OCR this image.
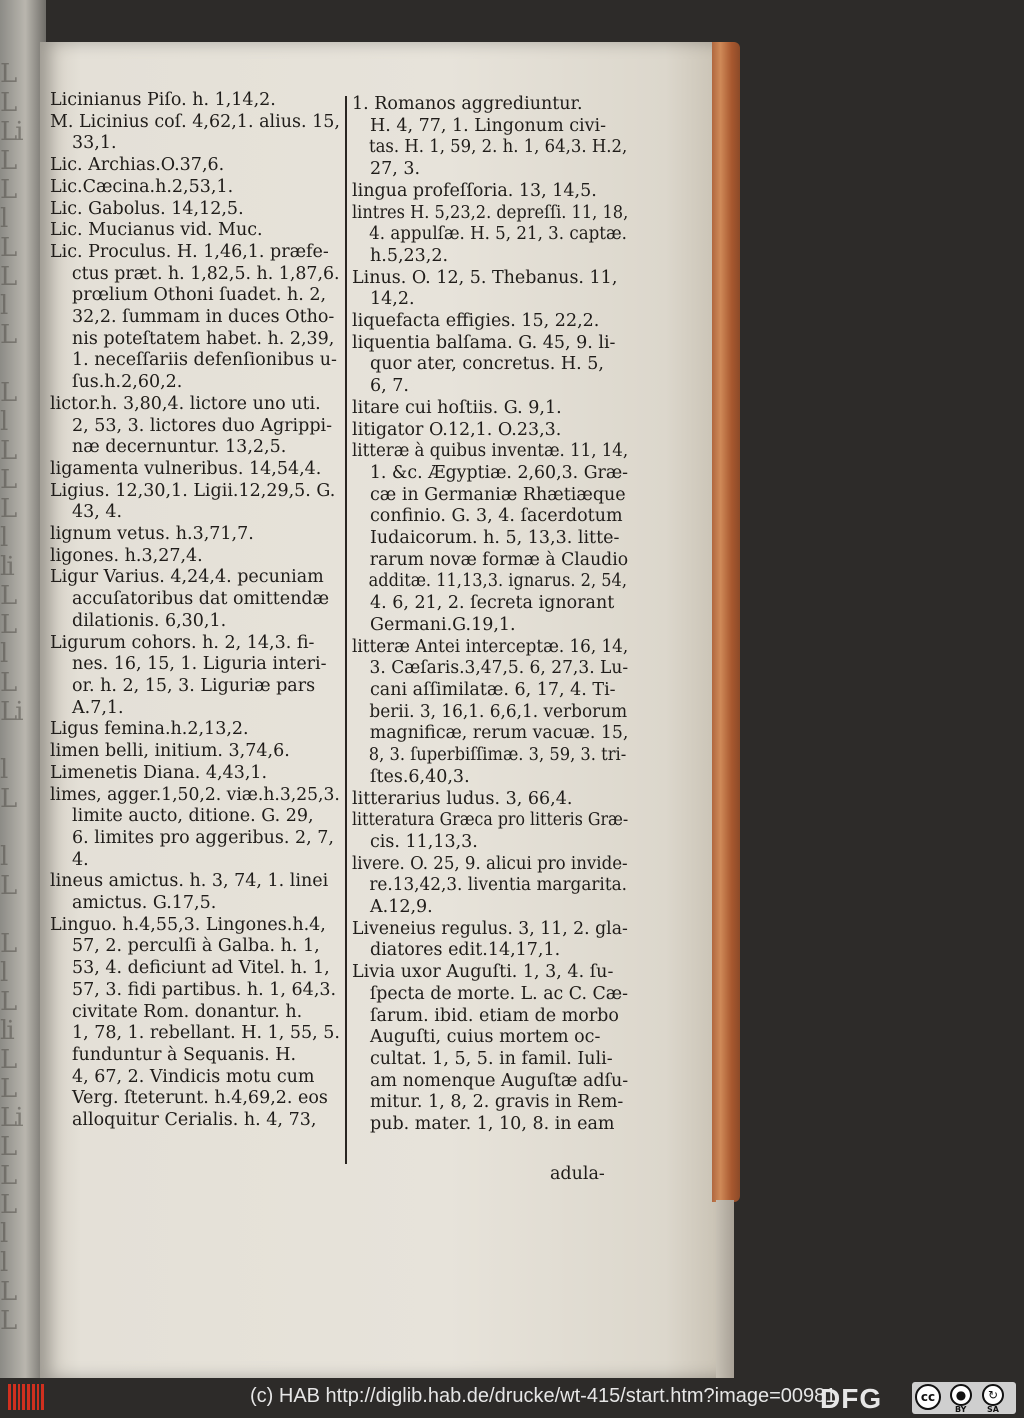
L
L
Li
L
L
l
L
L
l
L

L
l
L
L
L
l
li
L
L
l
L
Li

l
L

l
L

L
l
L
li
L
L
Li
L
L
L
l
l
L
L
Licinianus Piſo. h. 1,14,2.
M. Licinius coſ. 4,62,1. alius. 15,
33,1.
Lic. Archias.O.37,6.
Lic.Cæcina.h.2,53,1.
Lic. Gabolus. 14,12,5.
Lic. Mucianus vid. Muc.
Lic. Proculus. H. 1,46,1. præfe-
ctus præt. h. 1,82,5. h. 1,87,6.
prœlium Othoni ſuadet. h. 2,
32,2. ſummam in duces Otho-
nis poteſtatem habet. h. 2,39,
1. neceſſariis defenſionibus u-
ſus.h.2,60,2.
lictor.h. 3,80,4. lictore uno uti.
2, 53, 3. lictores duo Agrippi-
næ decernuntur. 13,2,5.
ligamenta vulneribus. 14,54,4.
Ligius. 12,30,1. Ligii.12,29,5. G.
43, 4.
lignum vetus. h.3,71,7.
ligones. h.3,27,4.
Ligur Varius. 4,24,4. pecuniam
accuſatoribus dat omittendæ
dilationis. 6,30,1.
Ligurum cohors. h. 2, 14,3. fi-
nes. 16, 15, 1. Liguria interi-
or. h. 2, 15, 3. Liguriæ pars
A.7,1.
Ligus femina.h.2,13,2.
limen belli, initium. 3,74,6.
Limenetis Diana. 4,43,1.
limes, agger.1,50,2. viæ.h.3,25,3.
limite aucto, ditione. G. 29,
6. limites pro aggeribus. 2, 7,
4.
lineus amictus. h. 3, 74, 1. linei
amictus. G.17,5.
Linguo. h.4,55,3. Lingones.h.4,
57, 2. perculſi à Galba. h. 1,
53, 4. deficiunt ad Vitel. h. 1,
57, 3. fidi partibus. h. 1, 64,3.
civitate Rom. donantur. h.
1, 78, 1. rebellant. H. 1, 55, 5.
funduntur à Sequanis. H.
4, 67, 2. Vindicis motu cum
Verg. ſteterunt. h.4,69,2. eos
alloquitur Cerialis. h. 4, 73,
1. Romanos aggrediuntur.
H. 4, 77, 1. Lingonum civi-
tas. H. 1, 59, 2. h. 1, 64,3. H.2,
27, 3.
lingua profeſſoria. 13, 14,5.
lintres H. 5,23,2. depreſſi. 11, 18,
4. appulſæ. H. 5, 21, 3. captæ.
h.5,23,2.
Linus. O. 12, 5. Thebanus. 11,
14,2.
liquefacta effigies. 15, 22,2.
liquentia balſama. G. 45, 9. li-
quor ater, concretus. H. 5,
6, 7.
litare cui hoſtiis. G. 9,1.
litigator O.12,1. O.23,3.
litteræ à quibus inventæ. 11, 14,
1. &c. Ægyptiæ. 2,60,3. Græ-
cæ in Germaniæ Rhætiæque
confinio. G. 3, 4. ſacerdotum
Iudaicorum. h. 5, 13,3. litte-
rarum novæ formæ à Claudio
additæ. 11,13,3. ignarus. 2, 54,
4. 6, 21, 2. ſecreta ignorant
Germani.G.19,1.
litteræ Antei interceptæ. 16, 14,
3. Cæſaris.3,47,5. 6, 27,3. Lu-
cani aſſimilatæ. 6, 17, 4. Ti-
berii. 3, 16,1. 6,6,1. verborum
magnificæ, rerum vacuæ. 15,
8, 3. ſuperbiſſimæ. 3, 59, 3. tri-
ſtes.6,40,3.
litterarius ludus. 3, 66,4.
litteratura Græca pro litteris Græ-
cis. 11,13,3.
livere. O. 25, 9. alicui pro invide-
re.13,42,3. liventia margarita.
A.12,9.
Liveneius regulus. 3, 11, 2. gla-
diatores edit.14,17,1.
Livia uxor Auguſti. 1, 3, 4. ſu-
ſpecta de morte. L. ac C. Cæ-
ſarum. ibid. etiam de morbo
Auguſti, cuius mortem oc-
cultat. 1, 5, 5. in famil. Iuli-
am nomenque Auguſtæ adſu-
mitur. 1, 8, 2. gravis in Rem-
pub. mater. 1, 10, 8. in eam
adula-
(c) HAB http://diglib.hab.de/drucke/wt-415/start.htm?image=00981
DFG	cc	●	↻
BY	SA
